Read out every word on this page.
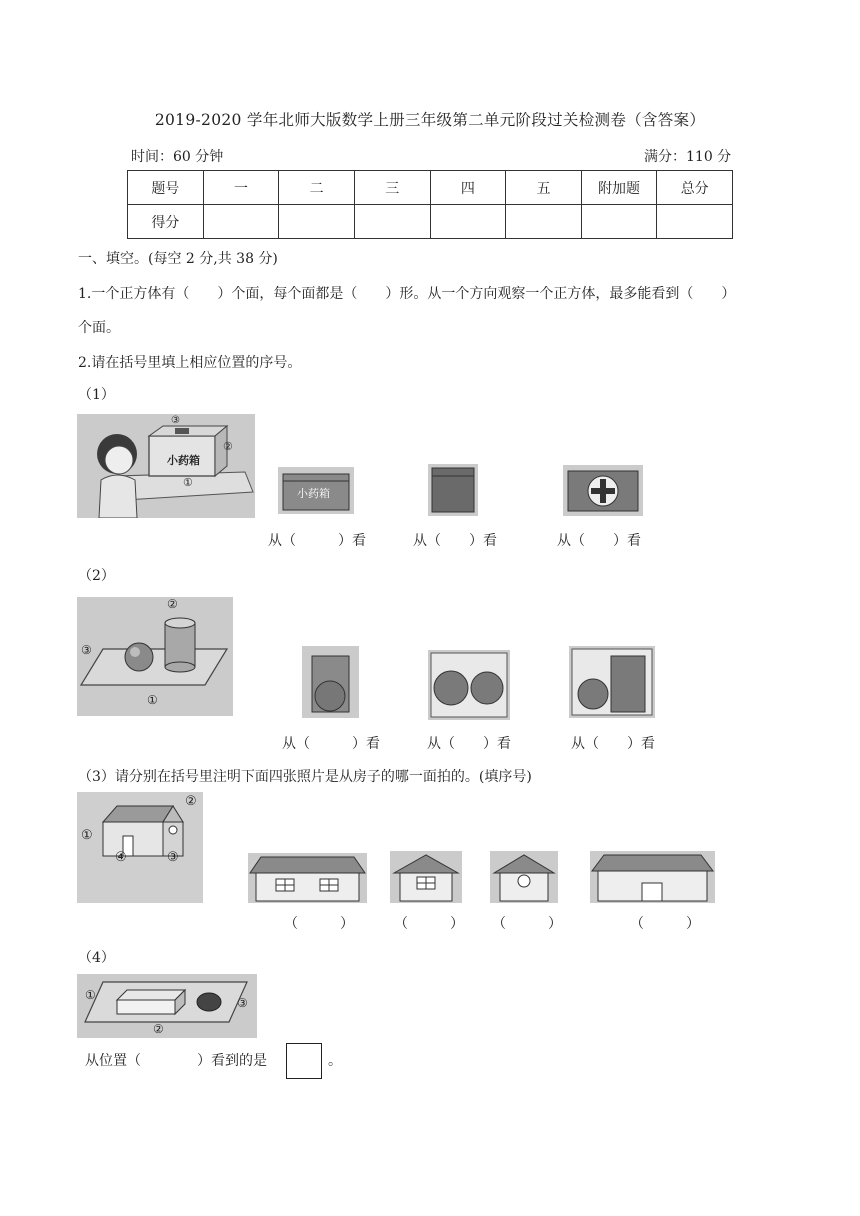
2019-2020 学年北师大版数学上册三年级第二单元阶段过关检测卷（含答案）
时间：60 分钟	满分：110 分
题号	一	二	三	四	五	附加题	总分
得分							
一、填空。(每空 2 分,共 38 分)
1.一个正方体有（　　）个面，每个面都是（　　）形。从一个方向观察一个正方体，最多能看到（　　）
个面。
2.请在括号里填上相应位置的序号。
（1）
③
②
①
小药箱
小药箱
从（　　　）看	从（　　）看	从（　　）看
（2）
②
③
①
从（　　　）看	从（　　）看	从（　　）看
（3）请分别在括号里注明下面四张照片是从房子的哪一面拍的。(填序号)
①
②
③
④
（　　　）	（　　　） （　　　）	（　　　）
（4）
①
③
②
从位置（　　　　）看到的是	。
